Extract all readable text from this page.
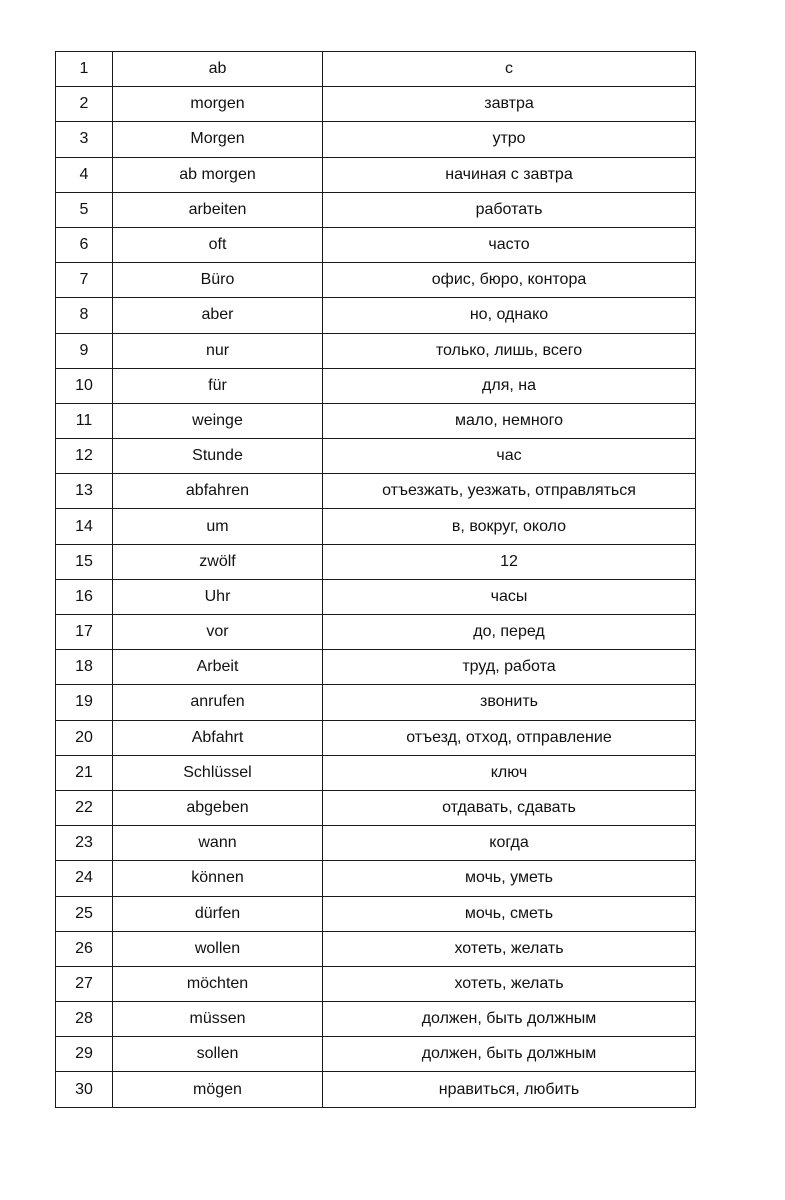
1	ab	с
2	morgen	завтра
3	Morgen	утро
4	ab morgen	начиная с завтра
5	arbeiten	работать
6	oft	часто
7	Büro	офис, бюро, контора
8	aber	но, однако
9	nur	только, лишь, всего
10	für	для, на
11	weinge	мало, немного
12	Stunde	час
13	abfahren	отъезжать, уезжать, отправляться
14	um	в, вокруг, около
15	zwölf	12
16	Uhr	часы
17	vor	до, перед
18	Arbeit	труд, работа
19	anrufen	звонить
20	Abfahrt	отъезд, отход, отправление
21	Schlüssel	ключ
22	abgeben	отдавать, сдавать
23	wann	когда
24	können	мочь, уметь
25	dürfen	мочь, сметь
26	wollen	хотеть, желать
27	möchten	хотеть, желать
28	müssen	должен, быть должным
29	sollen	должен, быть должным
30	mögen	нравиться, любить
